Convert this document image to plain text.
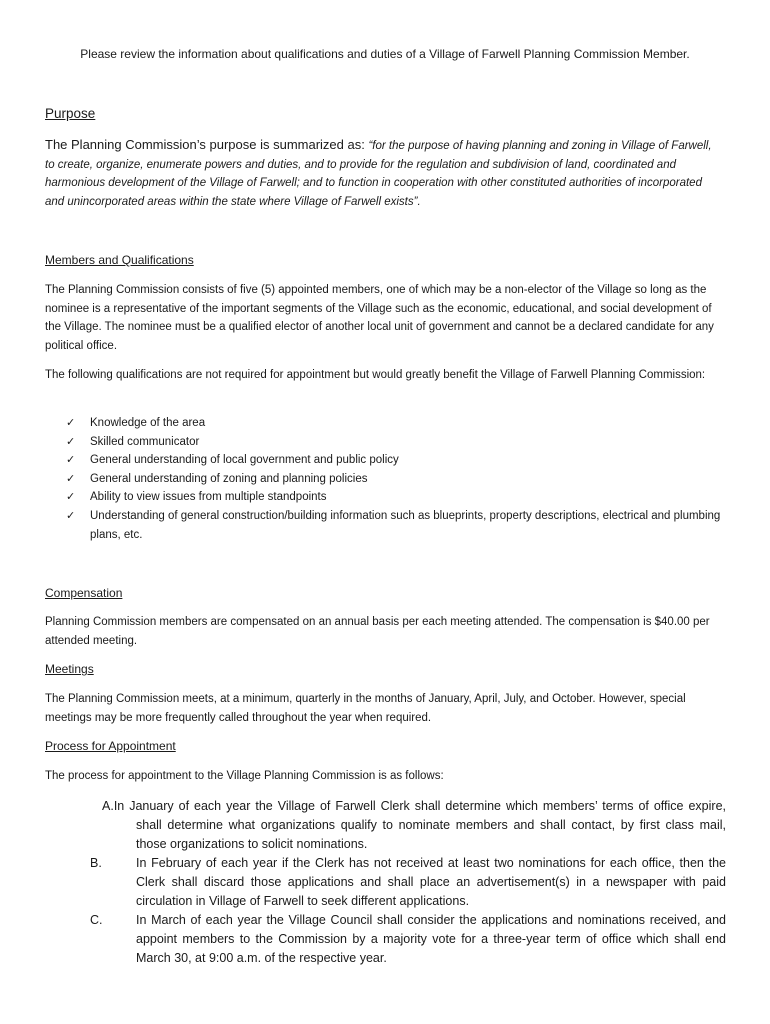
Please review the information about qualifications and duties of a Village of Farwell Planning Commission Member.

Purpose

The Planning Commission’s purpose is summarized as: “for the purpose of having planning and zoning in Village of Farwell, to create, organize, enumerate powers and duties, and to provide for the regulation and subdivision of land, coordinated and harmonious development of the Village of Farwell; and to function in cooperation with other constituted authorities of incorporated and unincorporated areas within the state where Village of Farwell exists”.

Members and Qualifications

The Planning Commission consists of five (5) appointed members, one of which may be a non-elector of the Village so long as the nominee is a representative of the important segments of the Village such as the economic, educational, and social development of the Village. The nominee must be a qualified elector of another local unit of government and cannot be a declared candidate for any political office.

The following qualifications are not required for appointment but would greatly benefit the Village of Farwell Planning Commission:

✓ Knowledge of the area
✓ Skilled communicator
✓ General understanding of local government and public policy
✓ General understanding of zoning and planning policies
✓ Ability to view issues from multiple standpoints
✓ Understanding of general construction/building information such as blueprints, property descriptions, electrical and plumbing plans, etc.

Compensation

Planning Commission members are compensated on an annual basis per each meeting attended. The compensation is $40.00 per attended meeting.

Meetings

The Planning Commission meets, at a minimum, quarterly in the months of January, April, July, and October. However, special meetings may be more frequently called throughout the year when required.

Process for Appointment

The process for appointment to the Village Planning Commission is as follows:

A.In January of each year the Village of Farwell Clerk shall determine which members’ terms of office expire, shall determine what organizations qualify to nominate members and shall contact, by first class mail, those organizations to solicit nominations.
B.	In February of each year if the Clerk has not received at least two nominations for each office, then the Clerk shall discard those applications and shall place an advertisement(s) in a newspaper with paid circulation in Village of Farwell to seek different applications.
C.	In March of each year the Village Council shall consider the applications and nominations received, and appoint members to the Commission by a majority vote for a three-year term of office which shall end March 30, at 9:00 a.m. of the respective year.
